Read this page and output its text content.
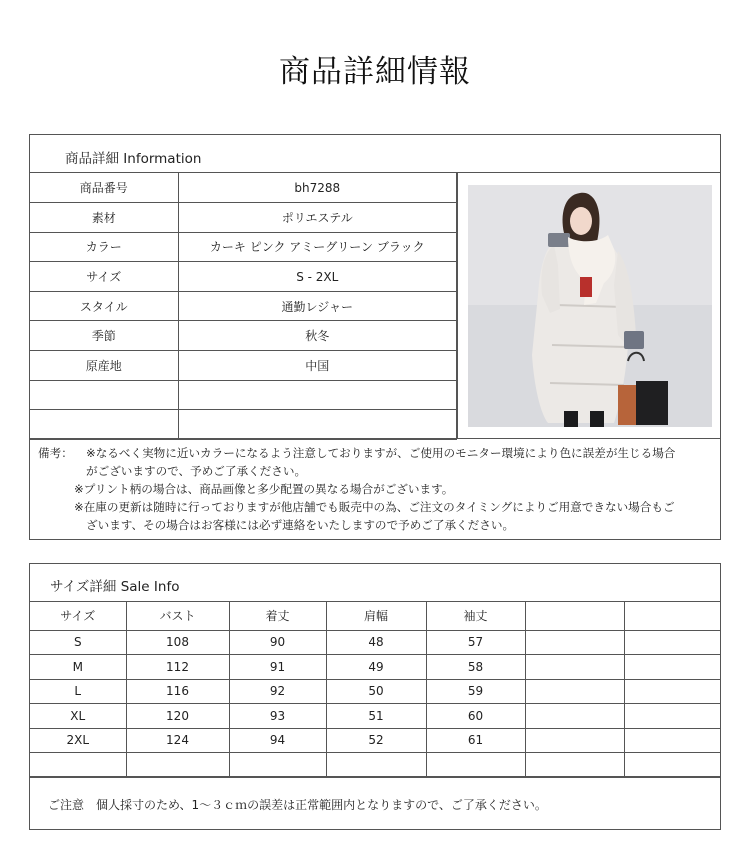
商品詳細情報
商品詳細 Information
商品番号	bh7288
素材	ポリエステル
カラー	カーキ ピンク アミーグリーン ブラック
サイズ	S - 2XL
スタイル	通勤レジャー
季節	秋冬
原産地	中国

備考： ※なるべく実物に近いカラーになるよう注意しておりますが、ご使用のモニター環境により色に誤差が生じる場合
がございますので、予めご了承ください。
※プリント柄の場合は、商品画像と多少配置の異なる場合がございます。
※在庫の更新は随時に行っておりますが他店舗でも販売中の為、ご注文のタイミングによりご用意できない場合もご
ざいます、その場合はお客様には必ず連絡をいたしますので予めご了承ください。
サイズ詳細 Sale Info
サイズ	バスト	着丈	肩幅	袖丈		
S	108	90	48	57		
M	112	91	49	58		
L	116	92	50	59		
XL	120	93	51	60		
2XL	124	94	52	61		

ご注意　個人採寸のため、1～３ｃｍの誤差は正常範囲内となりますので、ご了承ください。
